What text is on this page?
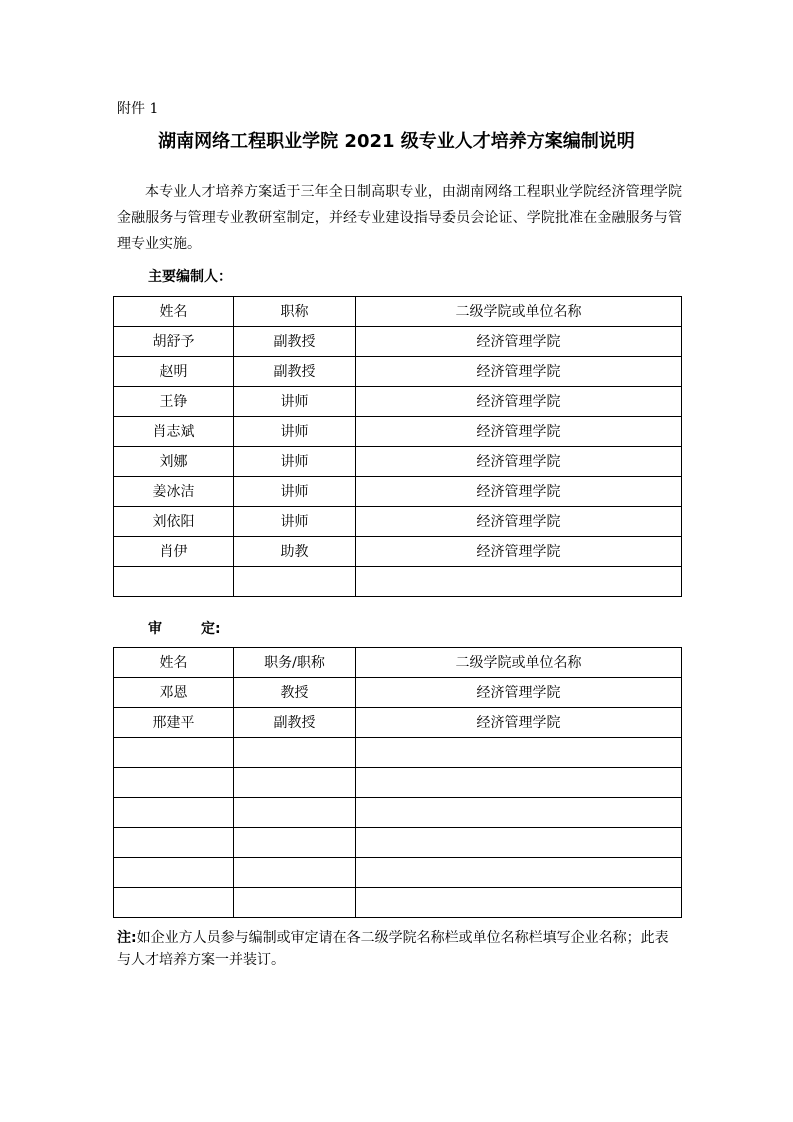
附件 1
湖南网络工程职业学院 2021 级专业人才培养方案编制说明
本专业人才培养方案适于三年全日制高职专业，由湖南网络工程职业学院经济管理学院金融服务与管理专业教研室制定，并经专业建设指导委员会论证、学院批准在金融服务与管理专业实施。
主要编制人：
姓名	职称	二级学院或单位名称
胡舒予	副教授	经济管理学院
赵明	副教授	经济管理学院
王铮	讲师	经济管理学院
肖志斌	讲师	经济管理学院
刘娜	讲师	经济管理学院
姜冰洁	讲师	经济管理学院
刘依阳	讲师	经济管理学院
肖伊	助教	经济管理学院

审        定:
姓名	职务/职称	二级学院或单位名称
邓恩	教授	经济管理学院
邢建平	副教授	经济管理学院

注:如企业方人员参与编制或审定请在各二级学院名称栏或单位名称栏填写企业名称；此表与人才培养方案一并装订。
